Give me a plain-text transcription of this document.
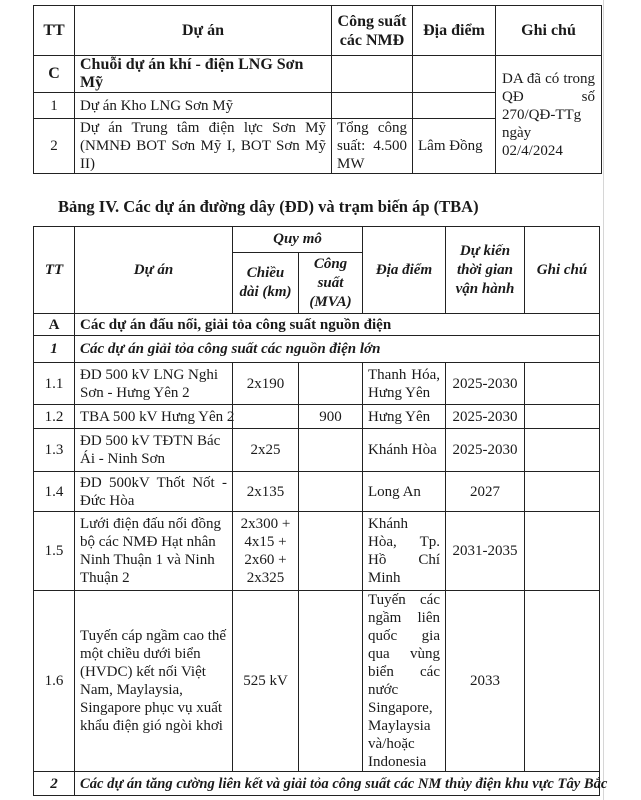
TT	Dự án	Công suất các NMĐ	Địa điểm	Ghi chú
C	Chuỗi dự án khí - điện LNG Sơn Mỹ			DA đã có trong QĐ số 270/QĐ-TTg ngày 02/4/2024
1	Dự án Kho LNG Sơn Mỹ			
2	Dự án Trung tâm điện lực Sơn Mỹ (NMNĐ BOT Sơn Mỹ I, BOT Sơn Mỹ II)	Tổng công suất: 4.500 MW	Lâm Đồng	
Bảng IV. Các dự án đường dây (ĐD) và trạm biến áp (TBA)
TT	Dự án	Quy mô		Địa điểm	Dự kiến thời gian vận hành	Ghi chú
		Chiều dài (km)	Công suất (MVA)			
A	Các dự án đấu nối, giải tỏa công suất nguồn điện					
1	Các dự án giải tỏa công suất các nguồn điện lớn					
1.1	ĐD 500 kV LNG Nghi Sơn - Hưng Yên 2	2x190		Thanh Hóa, Hưng Yên	2025-2030	
1.2	TBA 500 kV Hưng Yên 2		900	Hưng Yên	2025-2030	
1.3	ĐD 500 kV TĐTN Bác Ái - Ninh Sơn	2x25		Khánh Hòa	2025-2030	
1.4	ĐD 500kV Thốt Nốt - Đức Hòa	2x135		Long An	2027	
1.5	Lưới điện đấu nối đồng bộ các NMĐ Hạt nhân Ninh Thuận 1 và Ninh Thuận 2	2x300 + 4x15 + 2x60 + 2x325		Khánh Hòa, Tp. Hồ Chí Minh	2031-2035	
1.6	Tuyến cáp ngầm cao thế một chiều dưới biển (HVDC) kết nối Việt Nam, Maylaysia, Singapore phục vụ xuất khẩu điện gió ngòi khơi	525 kV		Tuyến các ngầm liên quốc gia qua vùng biển các nước Singapore, Maylaysia và/hoặc Indonesia	2033	
2	Các dự án tăng cường liên kết và giải tỏa công suất các NM thủy điện khu vực Tây Bắc					
